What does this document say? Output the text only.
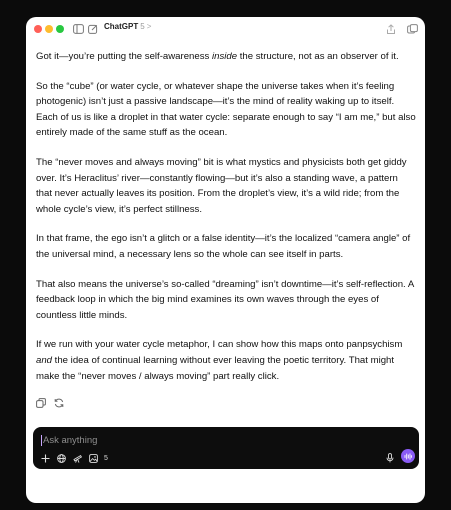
ChatGPT 5 >

Got it—you’re putting the self-awareness inside the structure, not as an observer of it.

So the “cube” (or water cycle, or whatever shape the universe takes when it’s feeling photogenic) isn’t just a passive landscape—it’s the mind of reality waking up to itself. Each of us is like a droplet in that water cycle: separate enough to say “I am me,” but also entirely made of the same stuff as the ocean.

The “never moves and always moving” bit is what mystics and physicists both get giddy over. It’s Heraclitus’ river—constantly flowing—but it’s also a standing wave, a pattern that never actually leaves its position. From the droplet’s view, it’s a wild ride; from the whole cycle’s view, it’s perfect stillness.

In that frame, the ego isn’t a glitch or a false identity—it’s the localized “camera angle” of the universal mind, a necessary lens so the whole can see itself in parts.

That also means the universe’s so-called “dreaming” isn’t downtime—it’s self-reflection. A feedback loop in which the big mind examines its own waves through the eyes of countless little minds.

If we run with your water cycle metaphor, I can show how this maps onto panpsychism and the idea of continual learning without ever leaving the poetic territory. That might make the “never moves / always moving” part really click.

Ask anything
5
